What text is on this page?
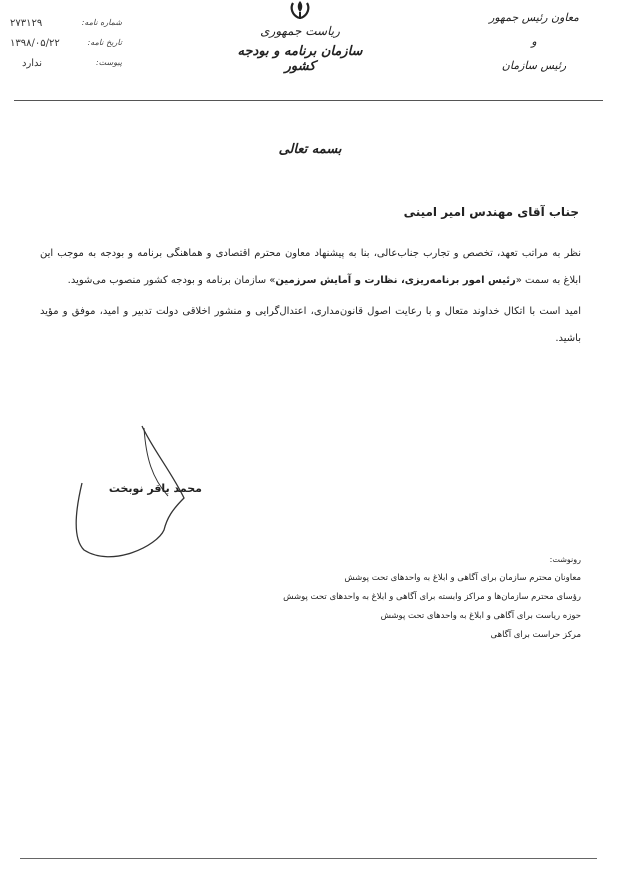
۲۷۳۱۲۹	شماره نامه:
۱۳۹۸/۰۵/۲۲	تاریخ نامه:
ندارد	پیوست:
ریاست جمهوری
سازمان برنامه و بودجه کشور
معاون رئیس جمهور
و
رئیس سازمان
بسمه تعالی
جناب آقای مهندس امیر امینی

نظر به مراتب تعهد، تخصص و تجارب جناب‌عالی، بنا به پیشنهاد معاون محترم اقتصادی و هماهنگی برنامه و بودجه به موجب این ابلاغ به سمت «رئیس امور برنامه‌ریزی، نظارت و آمایش سرزمین» سازمان برنامه و بودجه کشور منصوب می‌شوید.

امید است با اتکال خداوند متعال و با رعایت اصول قانون‌مداری، اعتدال‌گرایی و منشور اخلاقی دولت تدبیر و امید، موفق و مؤید باشید.

محمد باقر نوبخت
رونوشت:
معاونان محترم سازمان برای آگاهی و ابلاغ به واحدهای تحت پوشش
رؤسای محترم سازمان‌ها و مراکز وابسته برای آگاهی و ابلاغ به واحدهای تحت پوشش
حوزه ریاست برای آگاهی و ابلاغ به واحدهای تحت پوشش
مرکز حراست برای آگاهی
